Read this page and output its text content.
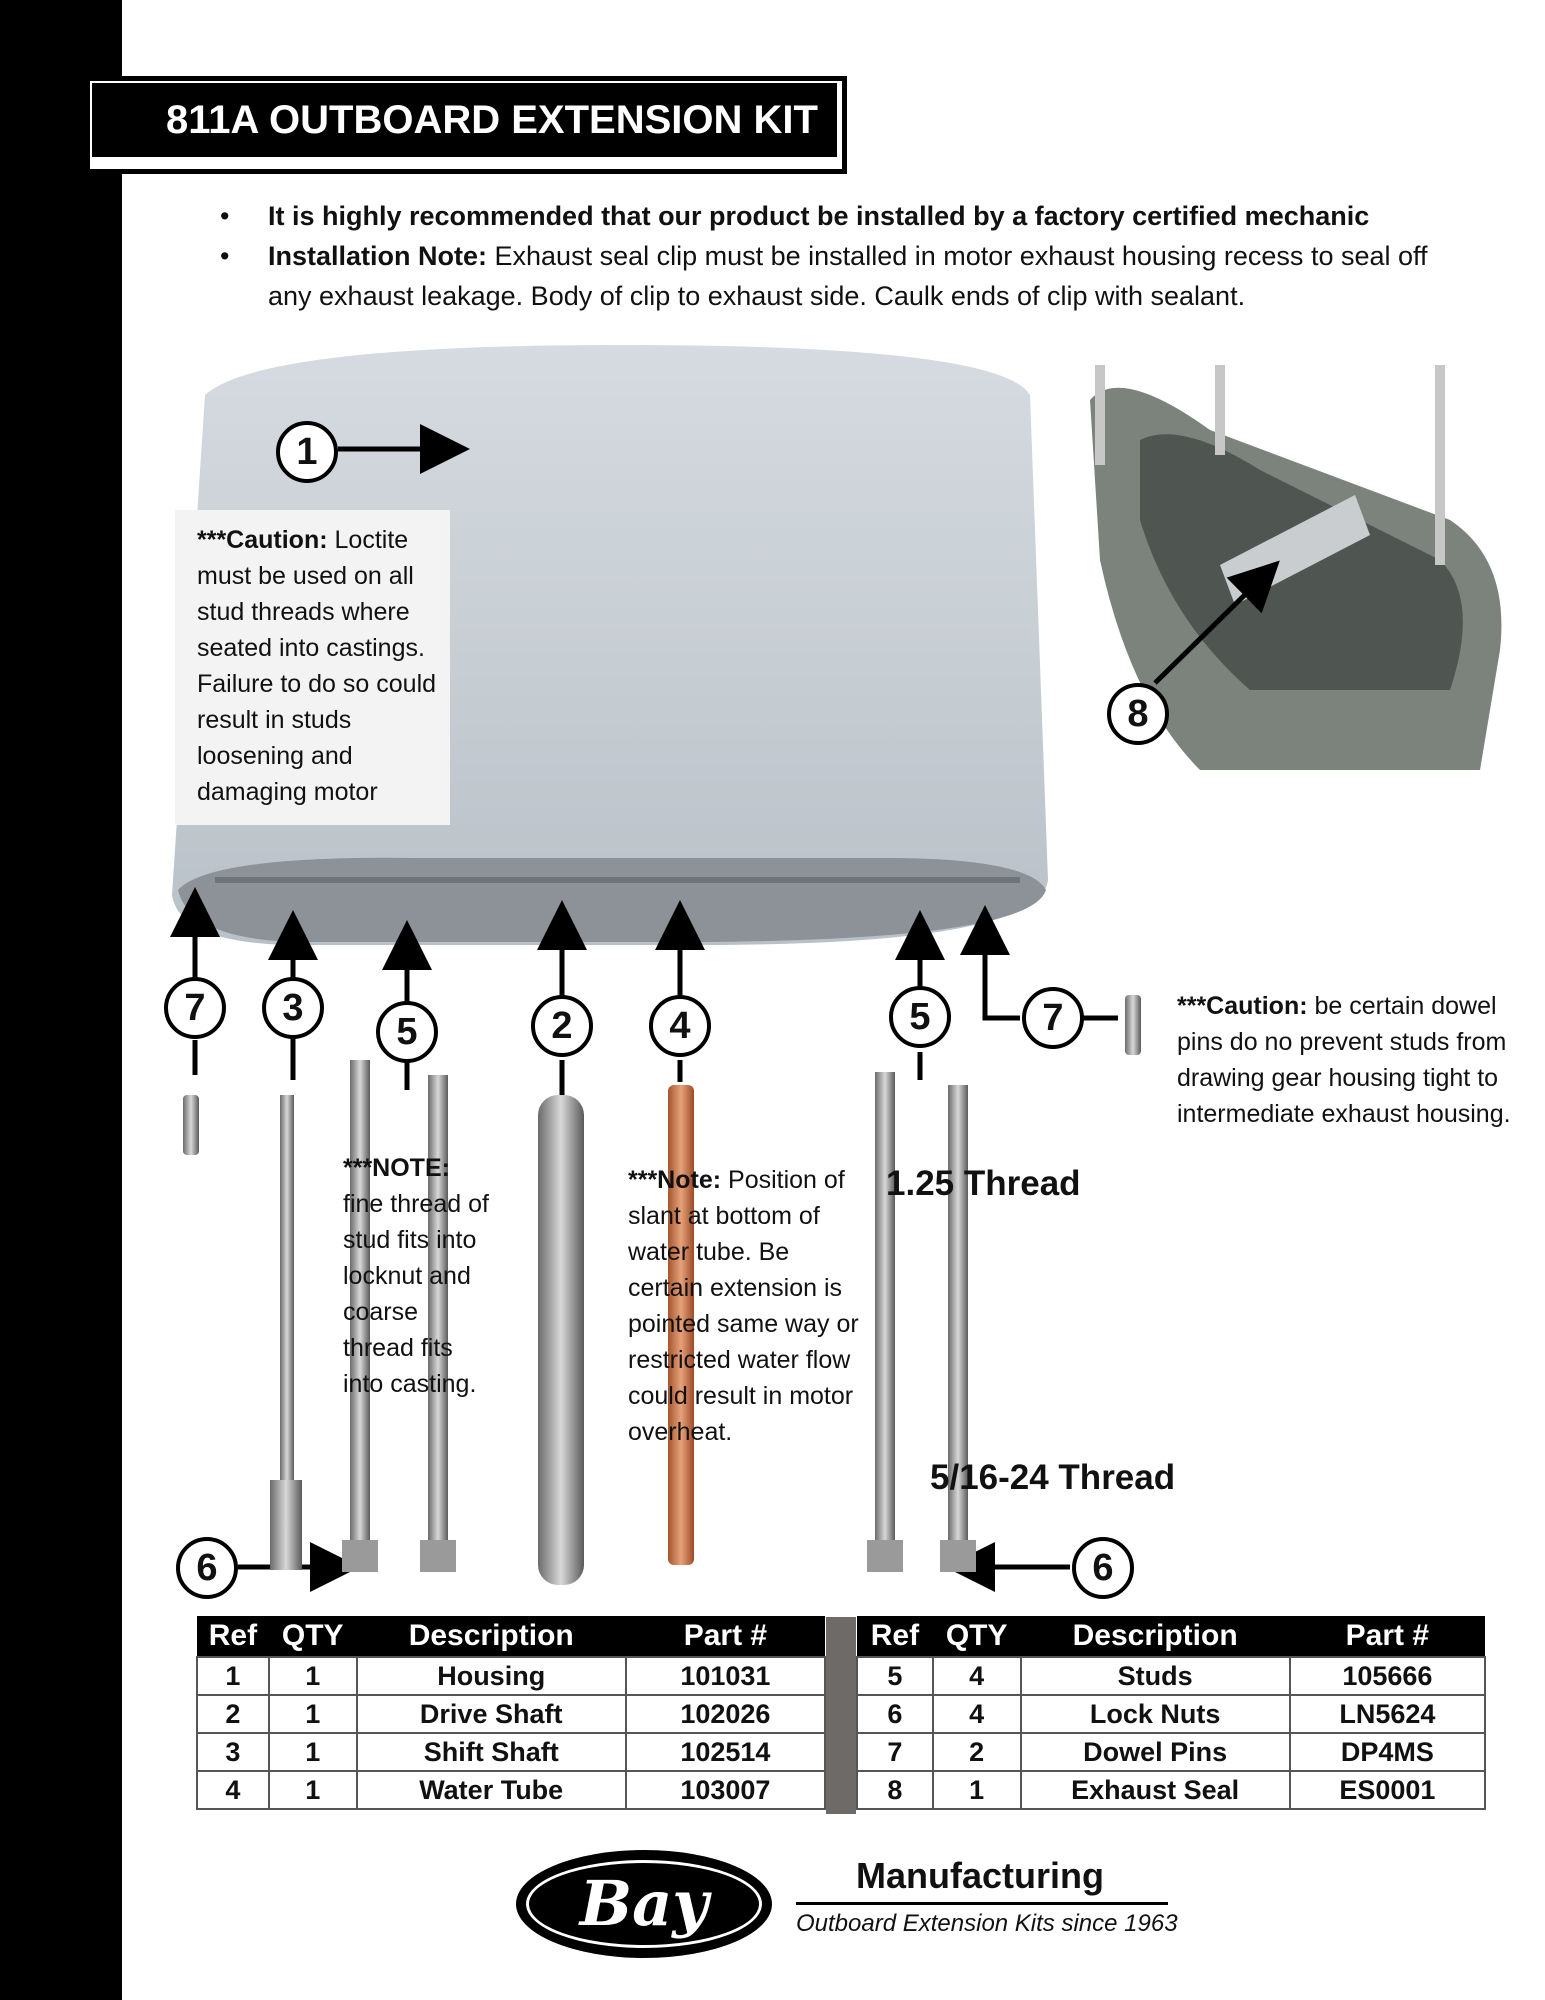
811A OUTBOARD EXTENSION KIT
• It is highly recommended that our product be installed by a factory certified mechanic
• Installation Note: Exhaust seal clip must be installed in motor exhaust housing recess to seal off any exhaust leakage. Body of clip to exhaust side. Caulk ends of clip with sealant.
1
8
7	3
5	2	4	5	7
6	6
***Caution: Loctite must be used on all stud threads where seated into castings. Failure to do so could result in studs loosening and damaging motor
***Caution: be certain dowel pins do no prevent studs from drawing gear housing tight to intermediate exhaust housing.
***NOTE: fine thread of stud fits into locknut and coarse thread fits into casting.
***Note: Position of slant at bottom of water tube. Be certain extension is pointed same way or restricted water flow could result in motor overheat.
1.25 Thread
5/16-24 Thread
Ref	QTY	Description	Part #
1	1	Housing	101031
2	1	Drive Shaft	102026
3	1	Shift Shaft	102514
4	1	Water Tube	103007
Ref	QTY	Description	Part #
5	4	Studs	105666
6	4	Lock Nuts	LN5624
7	2	Dowel Pins	DP4MS
8	1	Exhaust Seal	ES0001
Bay	Manufacturing
Outboard Extension Kits since 1963
